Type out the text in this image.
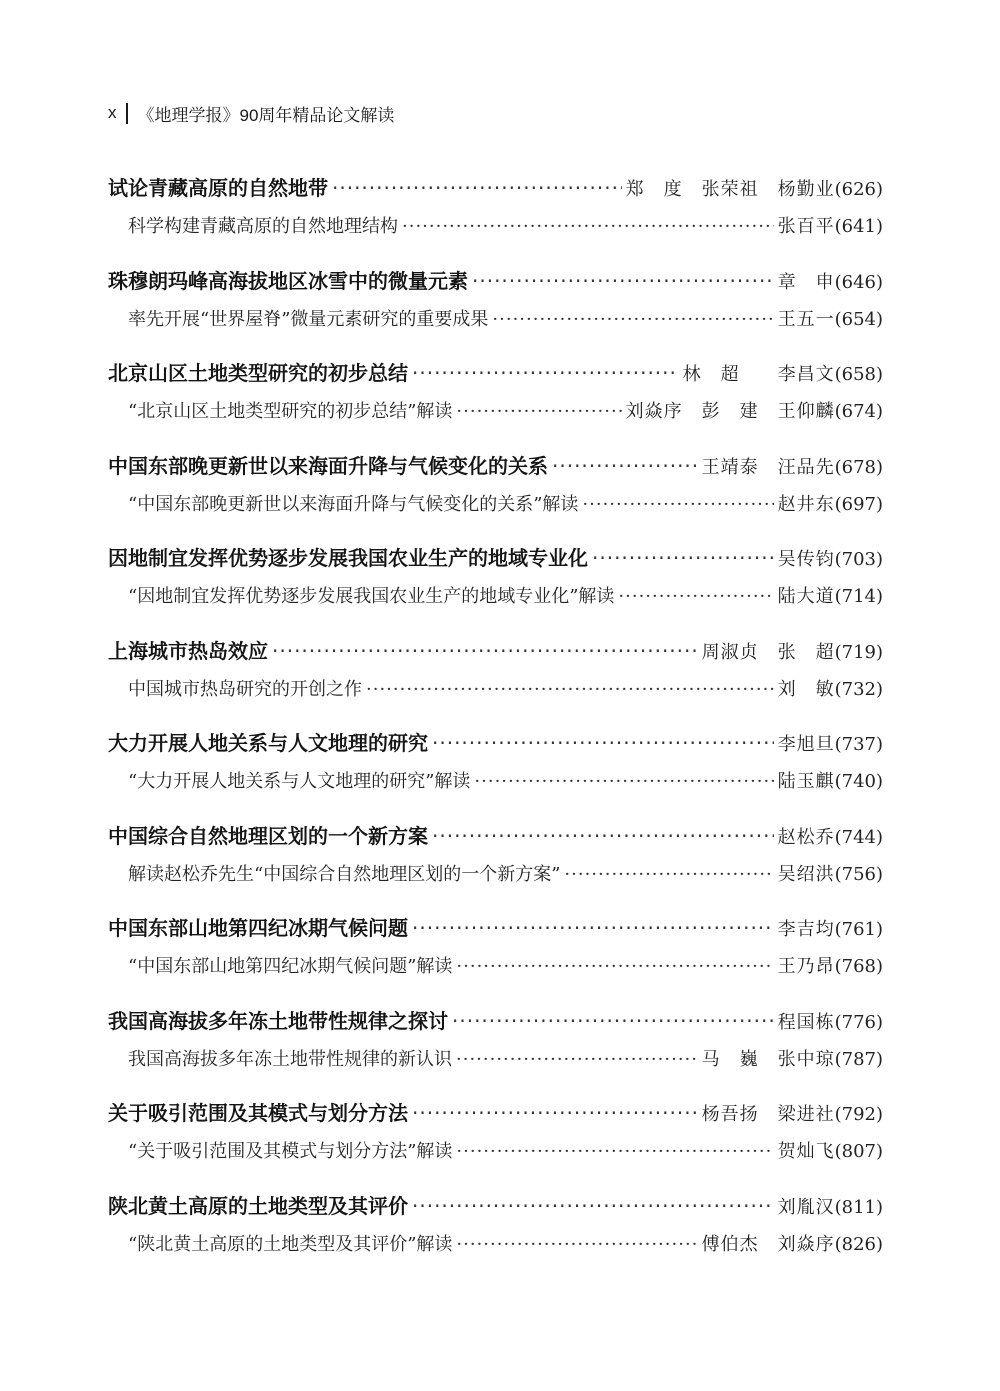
x 《地理学报》90周年精品论文解读
试论青藏高原的自然地带 ·····	郑　度　张荣祖　杨勤业 (626)
科学构建青藏高原的自然地理结构 ·····	张百平 (641)
珠穆朗玛峰高海拔地区冰雪中的微量元素 ·····	章　申 (646)
率先开展“世界屋脊”微量元素研究的重要成果 ·····	王五一 (654)
北京山区土地类型研究的初步总结 ·····	林　超　　李昌文 (658)
“北京山区土地类型研究的初步总结”解读 ·····	刘焱序　彭　建　王仰麟 (674)
中国东部晚更新世以来海面升降与气候变化的关系 ·····	王靖泰　汪品先 (678)
“中国东部晚更新世以来海面升降与气候变化的关系”解读 ·····	赵井东 (697)
因地制宜发挥优势逐步发展我国农业生产的地域专业化 ·····	吴传钧 (703)
“因地制宜发挥优势逐步发展我国农业生产的地域专业化”解读 ·····	陆大道 (714)
上海城市热岛效应 ·····	周淑贞　张　超 (719)
中国城市热岛研究的开创之作 ·····	刘　敏 (732)
大力开展人地关系与人文地理的研究 ·····	李旭旦 (737)
“大力开展人地关系与人文地理的研究”解读 ·····	陆玉麒 (740)
中国综合自然地理区划的一个新方案 ·····	赵松乔 (744)
解读赵松乔先生“中国综合自然地理区划的一个新方案” ·····	吴绍洪 (756)
中国东部山地第四纪冰期气候问题 ·····	李吉均 (761)
“中国东部山地第四纪冰期气候问题”解读 ·····	王乃昂 (768)
我国高海拔多年冻土地带性规律之探讨 ·····	程国栋 (776)
我国高海拔多年冻土地带性规律的新认识 ·····	马　巍　张中琼 (787)
关于吸引范围及其模式与划分方法 ·····	杨吾扬　梁进社 (792)
“关于吸引范围及其模式与划分方法”解读 ·····	贺灿飞 (807)
陕北黄土高原的土地类型及其评价 ·····	刘胤汉 (811)
“陕北黄土高原的土地类型及其评价”解读 ·····	傅伯杰　刘焱序 (826)
